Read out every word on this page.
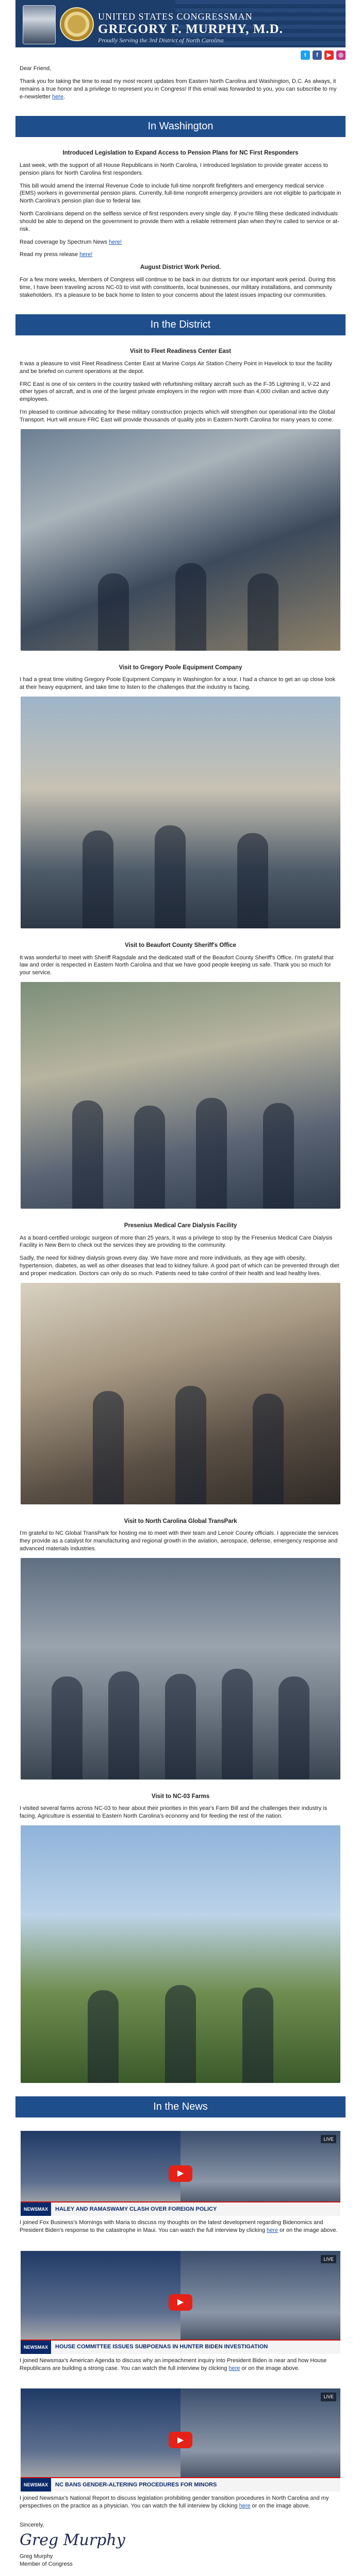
UNITED STATES CONGRESSMAN
GREGORY F. MURPHY, M.D.
Proudly Serving the 3rd District of North Carolina
t	f	▶	◎

Dear Friend,

Thank you for taking the time to read my most recent updates from Eastern North Carolina and Washington, D.C. As always, it remains a true honor and a privilege to represent you in Congress! If this email was forwarded to you, you can subscribe to my e-newsletter here.

In Washington
Introduced Legislation to Expand Access to Pension Plans for NC First Responders

Last week, with the support of all House Republicans in North Carolina, I introduced legislation to provide greater access to pension plans for North Carolina first responders.

This bill would amend the Internal Revenue Code to include full-time nonprofit firefighters and emergency medical service (EMS) workers in governmental pension plans. Currently, full-time nonprofit emergency providers are not eligible to participate in North Carolina's pension plan due to federal law.

North Carolinians depend on the selfless service of first responders every single day. If you're filling these dedicated individuals should be able to depend on the government to provide them with a reliable retirement plan when they're called to service or at-risk.

Read coverage by Spectrum News here!

Read my press release here!

August District Work Period.

For a few more weeks, Members of Congress will continue to be back in our districts for our important work period. During this time, I have been traveling across NC-03 to visit with constituents, local businesses, our military installations, and community stakeholders. It's a pleasure to be back home to listen to your concerns about the latest issues impacting our communities.

In the District
Visit to Fleet Readiness Center East

It was a pleasure to visit Fleet Readiness Center East at Marine Corps Air Station Cherry Point in Havelock to tour the facility and be briefed on current operations at the depot.

FRC East is one of six centers in the country tasked with refurbishing military aircraft such as the F-35 Lightning II, V-22 and other types of aircraft, and is one of the largest private employers in the region with more than 4,000 civilian and active duty employees.

I'm pleased to continue advocating for these military construction projects which will strengthen our operational into the Global Transport. Hurt will ensure FRC East will provide thousands of quality jobs in Eastern North Carolina for many years to come.

Visit to Gregory Poole Equipment Company

I had a great time visiting Gregory Poole Equipment Company in Washington for a tour. I had a chance to get an up close look at their heavy equipment, and take time to listen to the challenges that the industry is facing.

Visit to Beaufort County Sheriff's Office

It was wonderful to meet with Sheriff Ragsdale and the dedicated staff of the Beaufort County Sheriff's Office. I'm grateful that law and order is respected in Eastern North Carolina and that we have good people keeping us safe. Thank you so much for your service.

Presenius Medical Care Dialysis Facility

As a board-certified urologic surgeon of more than 25 years, it was a privilege to stop by the Fresenius Medical Care Dialysis Facility in New Bern to check out the services they are providing to the community.

Sadly, the need for kidney dialysis grows every day. We have more and more individuals, as they age with obesity, hypertension, diabetes, as well as other diseases that lead to kidney failure. A good part of which can be prevented through diet and proper medication. Doctors can only do so much. Patients need to take control of their health and lead healthy lives.

Visit to North Carolina Global TransPark

I'm grateful to NC Global TransPark for hosting me to meet with their team and Lenoir County officials. I appreciate the services they provide as a catalyst for manufacturing and regional growth in the aviation, aerospace, defense, emergency response and advanced materials industries.

Visit to NC-03 Farms

I visited several farms across NC-03 to hear about their priorities in this year's Farm Bill and the challenges their industry is facing. Agriculture is essential to Eastern North Carolina's economy and for feeding the rest of the nation.

In the News
LIVE
▶
NEWSMAX	HALEY AND RAMASWAMY CLASH OVER FOREIGN POLICY

I joined Fox Business's Mornings with Maria to discuss my thoughts on the latest development regarding Bidenomics and President Biden's response to the catastrophe in Maui. You can watch the full interview by clicking here or on the image above.

LIVE
▶
NEWSMAX	HOUSE COMMITTEE ISSUES SUBPOENAS IN HUNTER BIDEN INVESTIGATION

I joined Newsmax's American Agenda to discuss why an impeachment inquiry into President Biden is near and how House Republicans are building a strong case. You can watch the full interview by clicking here or on the image above.

LIVE
▶
NEWSMAX	NC BANS GENDER-ALTERING PROCEDURES FOR MINORS

I joined Newsmax's National Report to discuss legislation prohibiting gender transition procedures in North Carolina and my perspectives on the practice as a physician. You can watch the full interview by clicking here or on the image above.

Sincerely,
Greg Murphy
Greg Murphy
Member of Congress
